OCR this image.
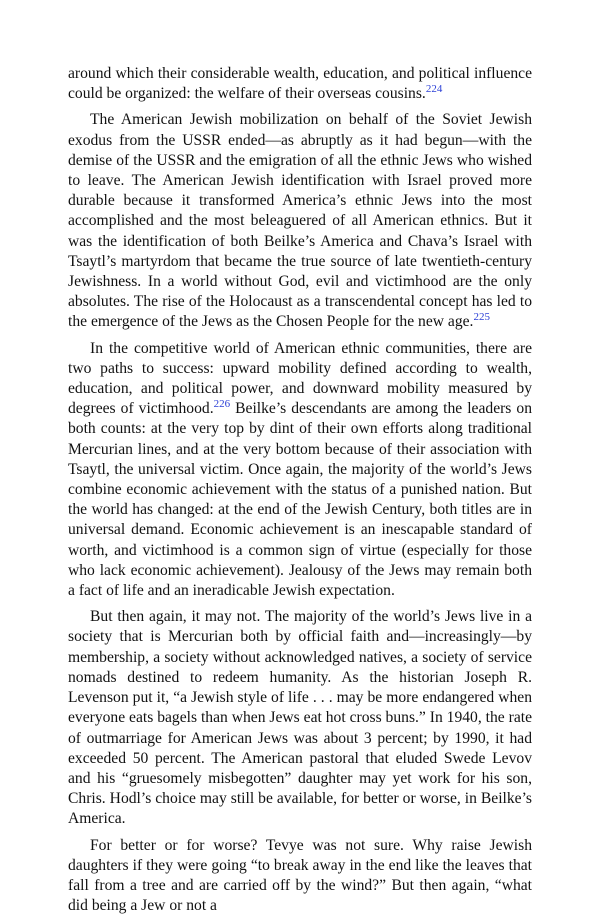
around which their considerable wealth, education, and political influence could be organized: the welfare of their overseas cousins.$^{224}$

The American Jewish mobilization on behalf of the Soviet Jewish exodus from the USSR ended—as abruptly as it had begun—with the demise of the USSR and the emigration of all the ethnic Jews who wished to leave. The American Jewish identification with Israel proved more durable because it transformed America’s ethnic Jews into the most accomplished and the most beleaguered of all American ethnics. But it was the identification of both Beilke’s America and Chava’s Israel with Tsaytl’s martyrdom that became the true source of late twentieth-century Jewishness. In a world without God, evil and victimhood are the only absolutes. The rise of the Holocaust as a transcendental concept has led to the emergence of the Jews as the Chosen People for the new age.$^{225}$

In the competitive world of American ethnic communities, there are two paths to success: upward mobility defined according to wealth, education, and political power, and downward mobility measured by degrees of victimhood.$^{226}$ Beilke’s descendants are among the leaders on both counts: at the very top by dint of their own efforts along traditional Mercurian lines, and at the very bottom because of their association with Tsaytl, the universal victim. Once again, the majority of the world’s Jews combine economic achievement with the status of a punished nation. But the world has changed: at the end of the Jewish Century, both titles are in universal demand. Economic achievement is an inescapable standard of worth, and victimhood is a common sign of virtue (especially for those who lack economic achievement). Jealousy of the Jews may remain both a fact of life and an ineradicable Jewish expectation.

But then again, it may not. The majority of the world’s Jews live in a society that is Mercurian both by official faith and—increasingly—by membership, a society without acknowledged natives, a society of service nomads destined to redeem humanity. As the historian Joseph R. Levenson put it, “a Jewish style of life . . . may be more endangered when everyone eats bagels than when Jews eat hot cross buns.” In 1940, the rate of outmarriage for American Jews was about 3 percent; by 1990, it had exceeded 50 percent. The American pastoral that eluded Swede Levov and his “gruesomely misbegotten” daughter may yet work for his son, Chris. Hodl’s choice may still be available, for better or worse, in Beilke’s America.

For better or for worse? Tevye was not sure. Why raise Jewish daughters if they were going “to break away in the end like the leaves that fall from a tree and are carried off by the wind?” But then again, “what did being a Jew or not a
